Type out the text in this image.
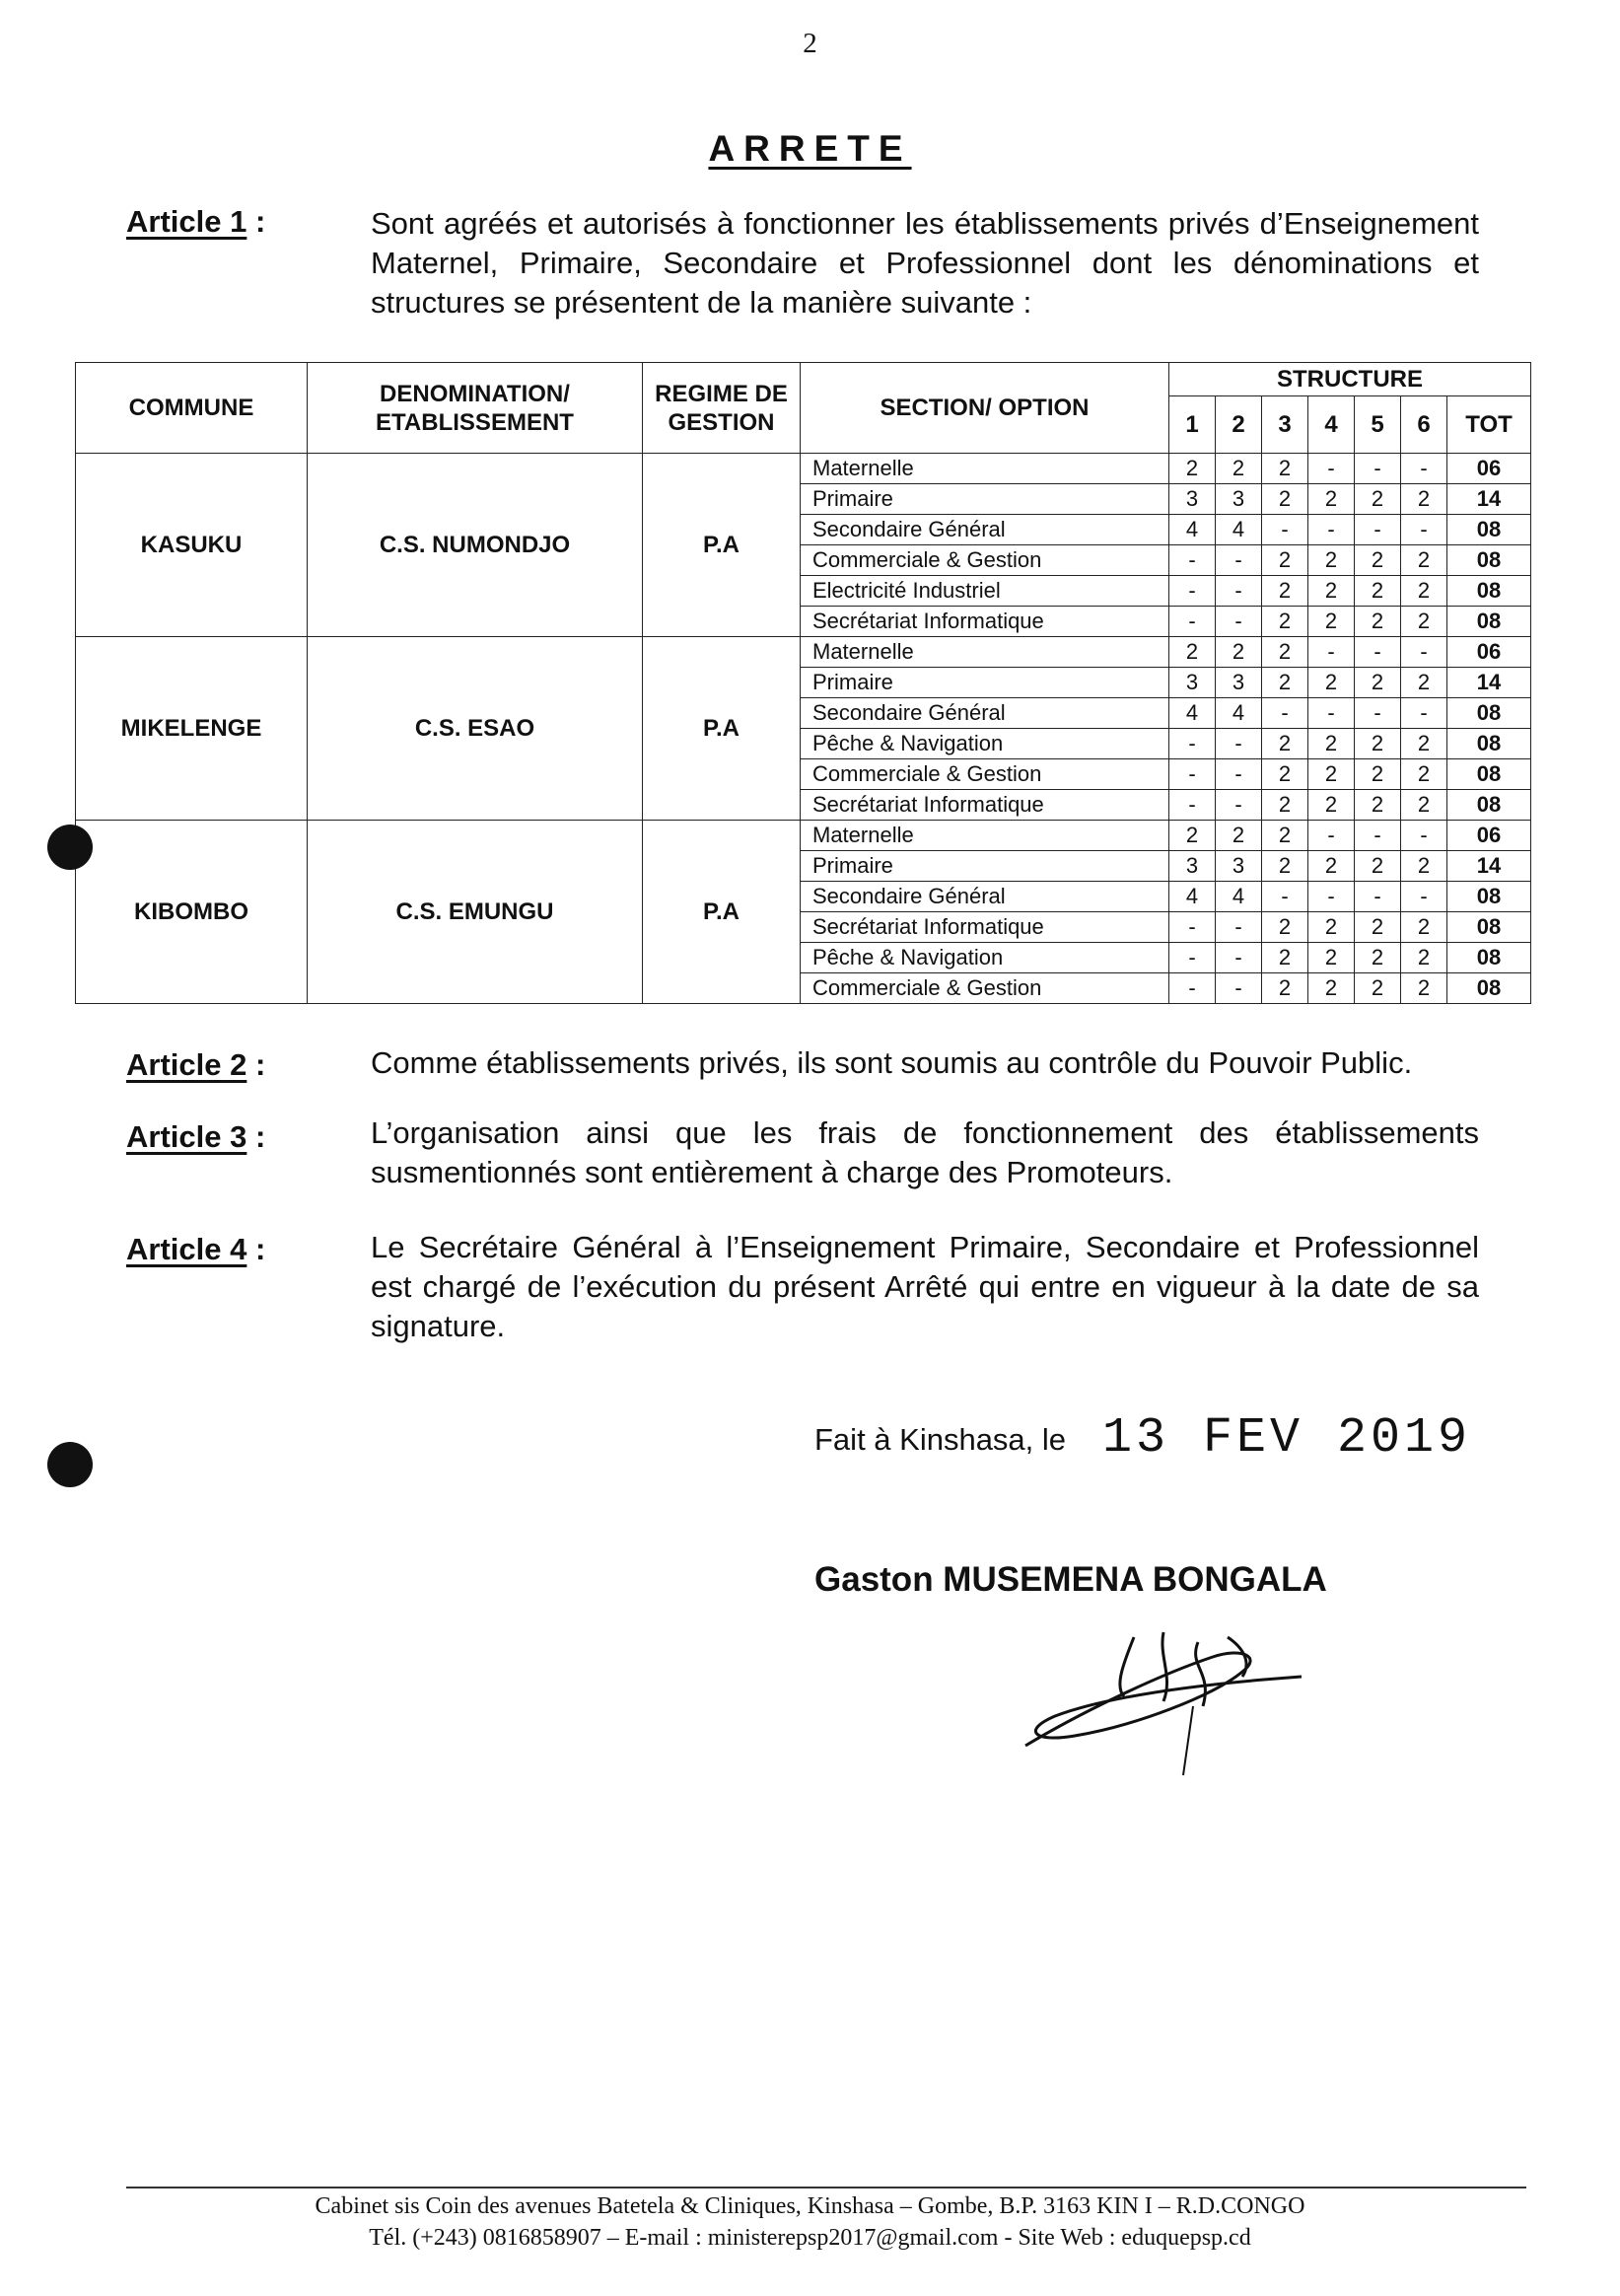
2
ARRETE
Article 1 :	Sont agréés et autorisés à fonctionner les établissements privés d’Enseignement Maternel, Primaire, Secondaire et Professionnel dont les dénominations et structures se présentent de la manière suivante :
COMMUNE	DENOMINATION/ ETABLISSEMENT	REGIME DE GESTION	SECTION/ OPTION	STRUCTURE						
				1	2	3	4	5	6	TOT
KASUKU	C.S. NUMONDJO	P.A	Maternelle	2	2	2	-	-	-	06
			Primaire	3	3	2	2	2	2	14
			Secondaire Général	4	4	-	-	-	-	08
			Commerciale & Gestion	-	-	2	2	2	2	08
			Electricité Industriel	-	-	2	2	2	2	08
			Secrétariat Informatique	-	-	2	2	2	2	08
MIKELENGE	C.S. ESAO	P.A	Maternelle	2	2	2	-	-	-	06
			Primaire	3	3	2	2	2	2	14
			Secondaire Général	4	4	-	-	-	-	08
			Pêche & Navigation	-	-	2	2	2	2	08
			Commerciale & Gestion	-	-	2	2	2	2	08
			Secrétariat Informatique	-	-	2	2	2	2	08
KIBOMBO	C.S. EMUNGU	P.A	Maternelle	2	2	2	-	-	-	06
			Primaire	3	3	2	2	2	2	14
			Secondaire Général	4	4	-	-	-	-	08
			Secrétariat Informatique	-	-	2	2	2	2	08
			Pêche & Navigation	-	-	2	2	2	2	08
			Commerciale & Gestion	-	-	2	2	2	2	08
Article 2 :	Comme établissements privés, ils sont soumis au contrôle du Pouvoir Public.
Article 3 :	L’organisation ainsi que les frais de fonctionnement des établissements susmentionnés sont entièrement à charge des Promoteurs.
Article 4 :	Le Secrétaire Général à l’Enseignement Primaire, Secondaire et Professionnel est chargé de l’exécution du présent Arrêté qui entre en vigueur à la date de sa signature.
Fait à Kinshasa, le 13 FEV 2019
Gaston MUSEMENA BONGALA
Cabinet sis Coin des avenues Batetela & Cliniques, Kinshasa – Gombe, B.P. 3163 KIN I – R.D.CONGO
Tél. (+243) 0816858907 – E-mail : ministerepsp2017@gmail.com - Site Web : eduquepsp.cd
